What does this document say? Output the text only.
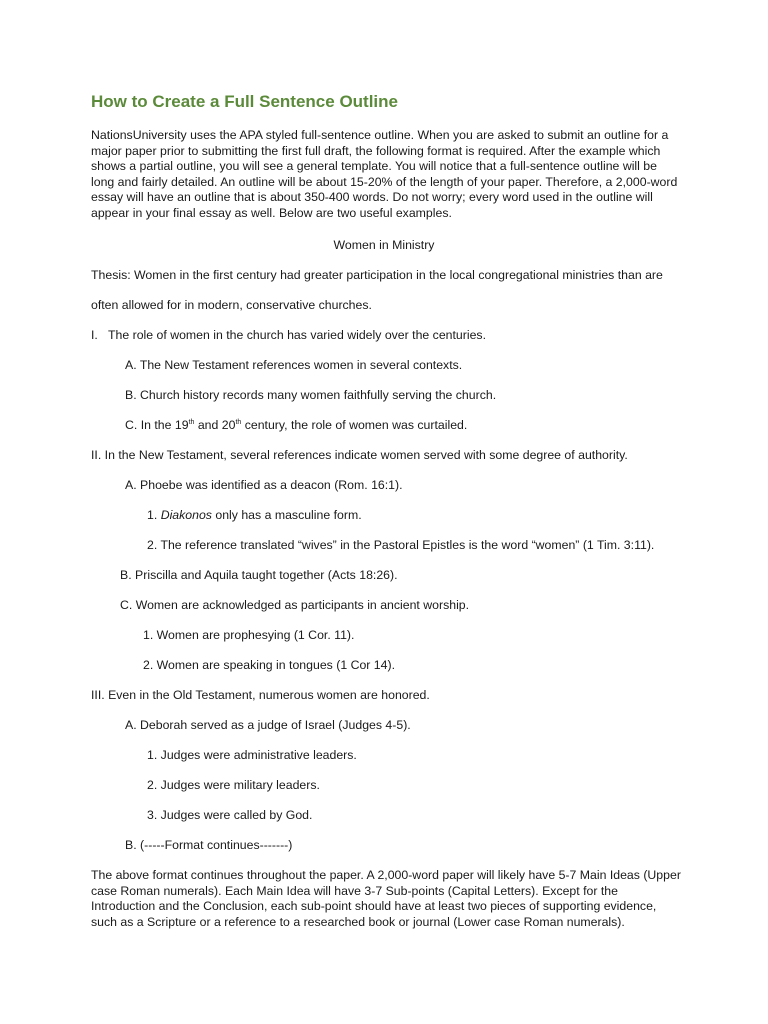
How to Create a Full Sentence Outline

NationsUniversity uses the APA styled full-sentence outline. When you are asked to submit an outline for a major paper prior to submitting the first full draft, the following format is required. After the example which shows a partial outline, you will see a general template. You will notice that a full-sentence outline will be long and fairly detailed. An outline will be about 15-20% of the length of your paper. Therefore, a 2,000-word essay will have an outline that is about 350-400 words. Do not worry; every word used in the outline will appear in your final essay as well. Below are two useful examples.

Women in Ministry

Thesis: Women in the first century had greater participation in the local congregational ministries than are

often allowed for in modern, conservative churches.

I. The role of women in the church has varied widely over the centuries.

A. The New Testament references women in several contexts.

B. Church history records many women faithfully serving the church.

C. In the 19th and 20th century, the role of women was curtailed.

II. In the New Testament, several references indicate women served with some degree of authority.

A. Phoebe was identified as a deacon (Rom. 16:1).

1. Diakonos only has a masculine form.

2. The reference translated “wives” in the Pastoral Epistles is the word “women” (1 Tim. 3:11).

B. Priscilla and Aquila taught together (Acts 18:26).

C. Women are acknowledged as participants in ancient worship.

1. Women are prophesying (1 Cor. 11).

2. Women are speaking in tongues (1 Cor 14).

III. Even in the Old Testament, numerous women are honored.

A. Deborah served as a judge of Israel (Judges 4-5).

1. Judges were administrative leaders.

2. Judges were military leaders.

3. Judges were called by God.

B. (-----Format continues-------)

The above format continues throughout the paper. A 2,000-word paper will likely have 5-7 Main Ideas (Upper case Roman numerals). Each Main Idea will have 3-7 Sub-points (Capital Letters). Except for the Introduction and the Conclusion, each sub-point should have at least two pieces of supporting evidence, such as a Scripture or a reference to a researched book or journal (Lower case Roman numerals).
